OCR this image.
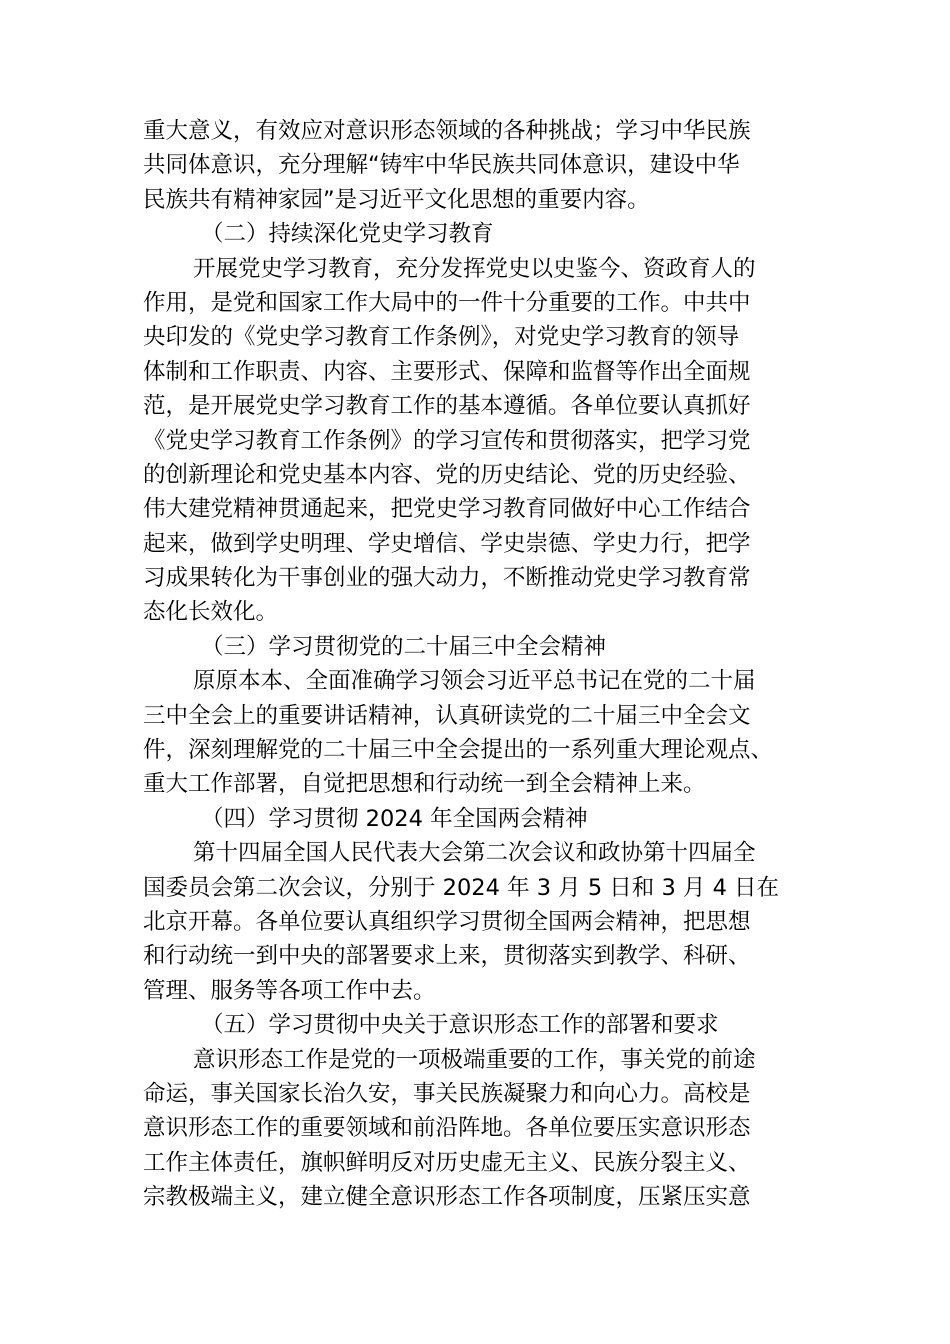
重大意义，有效应对意识形态领域的各种挑战；学习中华民族
共同体意识，充分理解“铸牢中华民族共同体意识，建设中华
民族共有精神家园”是习近平文化思想的重要内容。
（二）持续深化党史学习教育
开展党史学习教育，充分发挥党史以史鉴今、资政育人的
作用，是党和国家工作大局中的一件十分重要的工作。中共中
央印发的《党史学习教育工作条例》，对党史学习教育的领导
体制和工作职责、内容、主要形式、保障和监督等作出全面规
范，是开展党史学习教育工作的基本遵循。各单位要认真抓好
《党史学习教育工作条例》的学习宣传和贯彻落实，把学习党
的创新理论和党史基本内容、党的历史结论、党的历史经验、
伟大建党精神贯通起来，把党史学习教育同做好中心工作结合
起来，做到学史明理、学史增信、学史崇德、学史力行，把学
习成果转化为干事创业的强大动力，不断推动党史学习教育常
态化长效化。
（三）学习贯彻党的二十届三中全会精神
原原本本、全面准确学习领会习近平总书记在党的二十届
三中全会上的重要讲话精神，认真研读党的二十届三中全会文
件，深刻理解党的二十届三中全会提出的一系列重大理论观点、
重大工作部署，自觉把思想和行动统一到全会精神上来。
（四）学习贯彻 2024 年全国两会精神
第十四届全国人民代表大会第二次会议和政协第十四届全
国委员会第二次会议，分别于 2024 年 3 月 5 日和 3 月 4 日在
北京开幕。各单位要认真组织学习贯彻全国两会精神，把思想
和行动统一到中央的部署要求上来，贯彻落实到教学、科研、
管理、服务等各项工作中去。
（五）学习贯彻中央关于意识形态工作的部署和要求
意识形态工作是党的一项极端重要的工作，事关党的前途
命运，事关国家长治久安，事关民族凝聚力和向心力。高校是
意识形态工作的重要领域和前沿阵地。各单位要压实意识形态
工作主体责任，旗帜鲜明反对历史虚无主义、民族分裂主义、
宗教极端主义，建立健全意识形态工作各项制度，压紧压实意
